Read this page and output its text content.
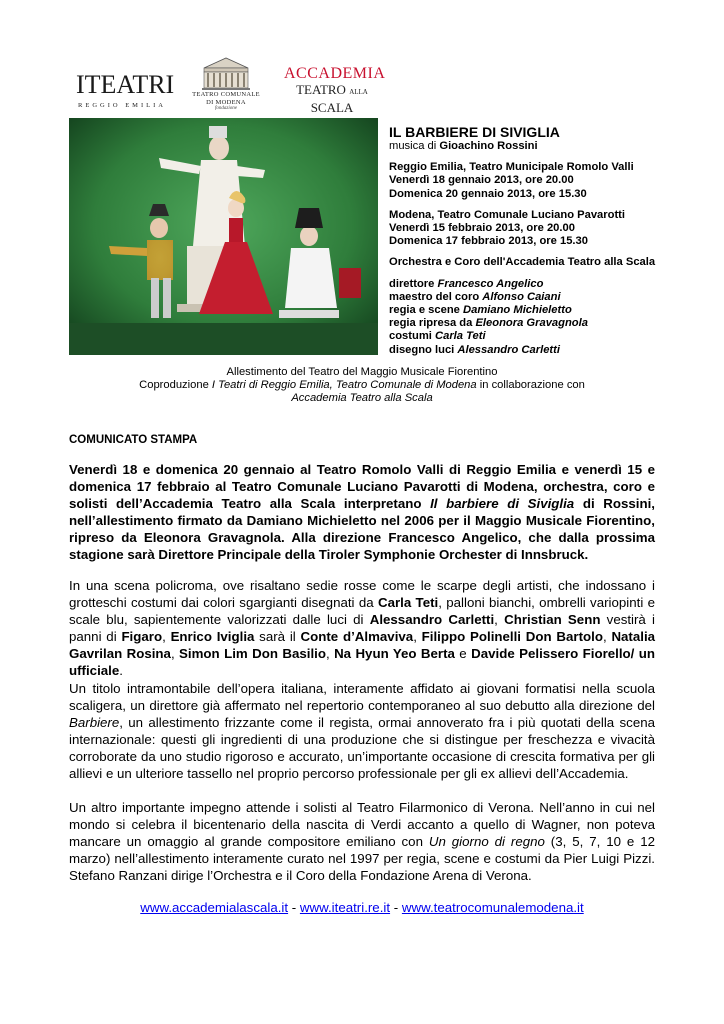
ITEATRI
REGGIO EMILIA
TEATRO COMUNALE
DI MODENA
fondazione
ACCADEMIA
TEATRO ALLA SCALA
IL BARBIERE DI SIVIGLIA
musica di Gioachino Rossini
Reggio Emilia, Teatro Municipale Romolo Valli
Venerdì 18 gennaio 2013, ore 20.00
Domenica 20 gennaio 2013, ore 15.30
Modena, Teatro Comunale Luciano Pavarotti
Venerdì 15 febbraio 2013, ore 20.00
Domenica 17 febbraio 2013, ore 15.30
Orchestra e Coro dell'Accademia Teatro alla Scala
direttore Francesco Angelico
maestro del coro Alfonso Caiani
regia e scene Damiano Michieletto
regia ripresa da Eleonora Gravagnola
costumi Carla Teti
disegno luci Alessandro Carletti
Allestimento del Teatro del Maggio Musicale Fiorentino
Coproduzione I Teatri di Reggio Emilia, Teatro Comunale di Modena in collaborazione con
Accademia Teatro alla Scala
COMUNICATO STAMPA
Venerdì 18 e domenica 20 gennaio al Teatro Romolo Valli di Reggio Emilia e venerdì 15 e domenica 17 febbraio al Teatro Comunale Luciano Pavarotti di Modena, orchestra, coro e solisti dell’Accademia Teatro alla Scala interpretano Il barbiere di Siviglia di Rossini, nell’allestimento firmato da Damiano Michieletto nel 2006 per il Maggio Musicale Fiorentino, ripreso da Eleonora Gravagnola. Alla direzione Francesco Angelico, che dalla prossima stagione sarà Direttore Principale della Tiroler Symphonie Orchester di Innsbruck.
In una scena policroma, ove risaltano sedie rosse come le scarpe degli artisti, che indossano i grotteschi costumi dai colori sgargianti disegnati da Carla Teti, palloni bianchi, ombrelli variopinti e scale blu, sapientemente valorizzati dalle luci di Alessandro Carletti, Christian Senn vestirà i panni di Figaro, Enrico Iviglia sarà il Conte d’Almaviva, Filippo Polinelli Don Bartolo, Natalia Gavrilan Rosina, Simon Lim Don Basilio, Na Hyun Yeo Berta e Davide Pelissero Fiorello/ un ufficiale.
Un titolo intramontabile dell’opera italiana, interamente affidato ai giovani formatisi nella scuola scaligera, un direttore già affermato nel repertorio contemporaneo al suo debutto alla direzione del Barbiere, un allestimento frizzante come il regista, ormai annoverato fra i più quotati della scena internazionale: questi gli ingredienti di una produzione che si distingue per freschezza e vivacità corroborate da uno studio rigoroso e accurato, un’importante occasione di crescita formativa per gli allievi e un ulteriore tassello nel proprio percorso professionale per gli ex allievi dell’Accademia.
Un altro importante impegno attende i solisti al Teatro Filarmonico di Verona. Nell’anno in cui nel mondo si celebra il bicentenario della nascita di Verdi accanto a quello di Wagner, non poteva mancare un omaggio al grande compositore emiliano con Un giorno di regno (3, 5, 7, 10 e 12 marzo) nell’allestimento interamente curato nel 1997 per regia, scene e costumi da Pier Luigi Pizzi. Stefano Ranzani dirige l’Orchestra e il Coro della Fondazione Arena di Verona.
www.accademialascala.it - www.iteatri.re.it - www.teatrocomunalemodena.it
